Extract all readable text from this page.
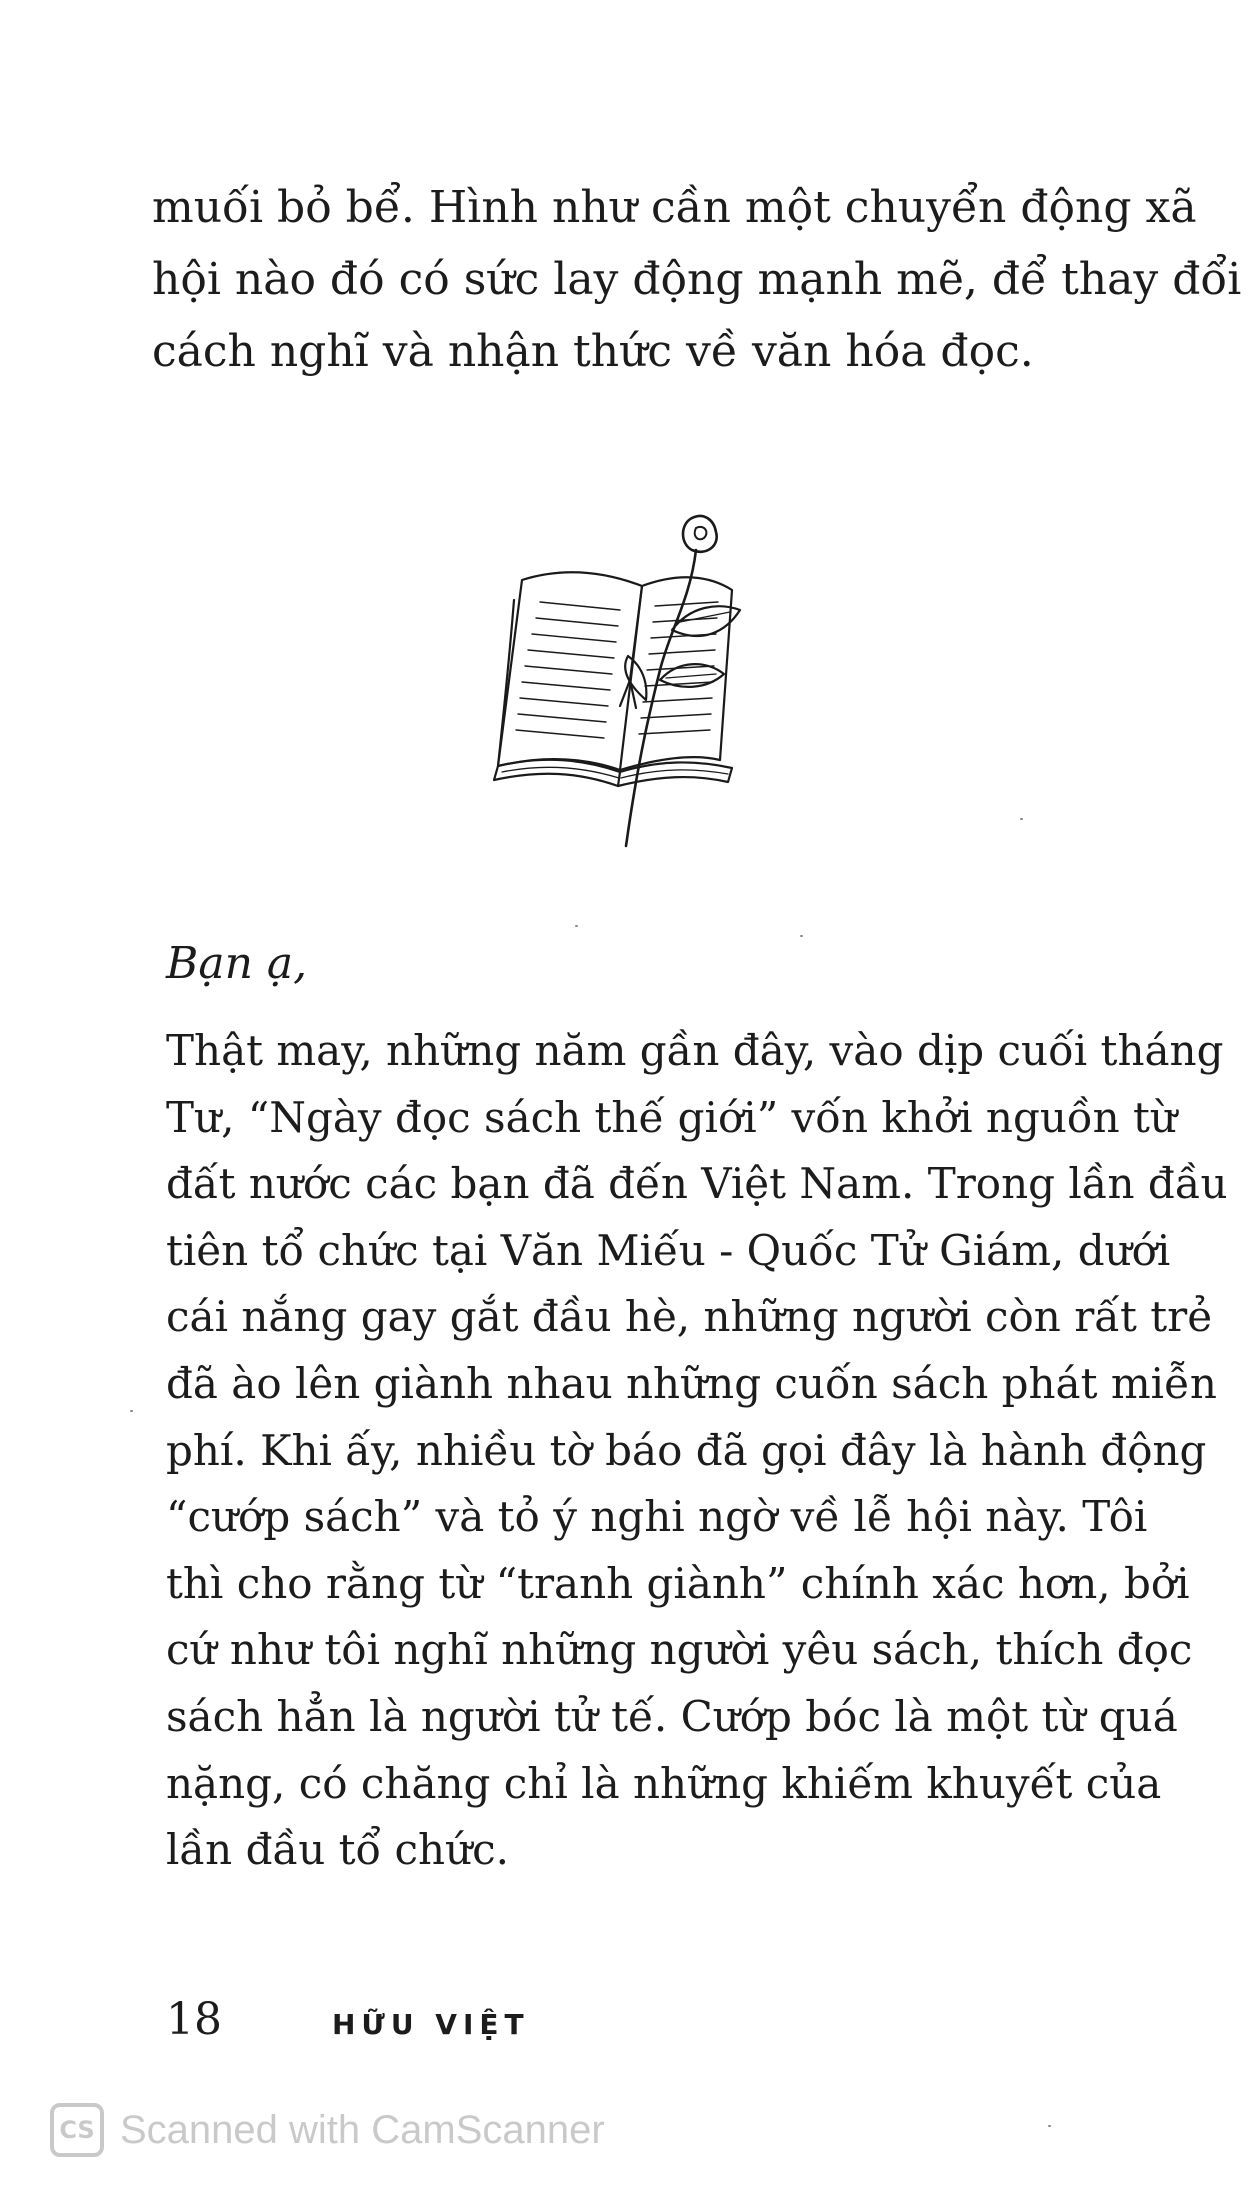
muối bỏ bể. Hình như cần một chuyển động xã
hội nào đó có sức lay động mạnh mẽ, để thay đổi
cách nghĩ và nhận thức về văn hóa đọc.

Bạn ạ,

Thật may, những năm gần đây, vào dịp cuối tháng
Tư, “Ngày đọc sách thế giới” vốn khởi nguồn từ
đất nước các bạn đã đến Việt Nam. Trong lần đầu
tiên tổ chức tại Văn Miếu - Quốc Tử Giám, dưới
cái nắng gay gắt đầu hè, những người còn rất trẻ
đã ào lên giành nhau những cuốn sách phát miễn
phí. Khi ấy, nhiều tờ báo đã gọi đây là hành động
“cướp sách” và tỏ ý nghi ngờ về lễ hội này. Tôi
thì cho rằng từ “tranh giành” chính xác hơn, bởi
cứ như tôi nghĩ những người yêu sách, thích đọc
sách hẳn là người tử tế. Cướp bóc là một từ quá
nặng, có chăng chỉ là những khiếm khuyết của
lần đầu tổ chức.

18	HỮU VIỆT
CS Scanned with CamScanner
